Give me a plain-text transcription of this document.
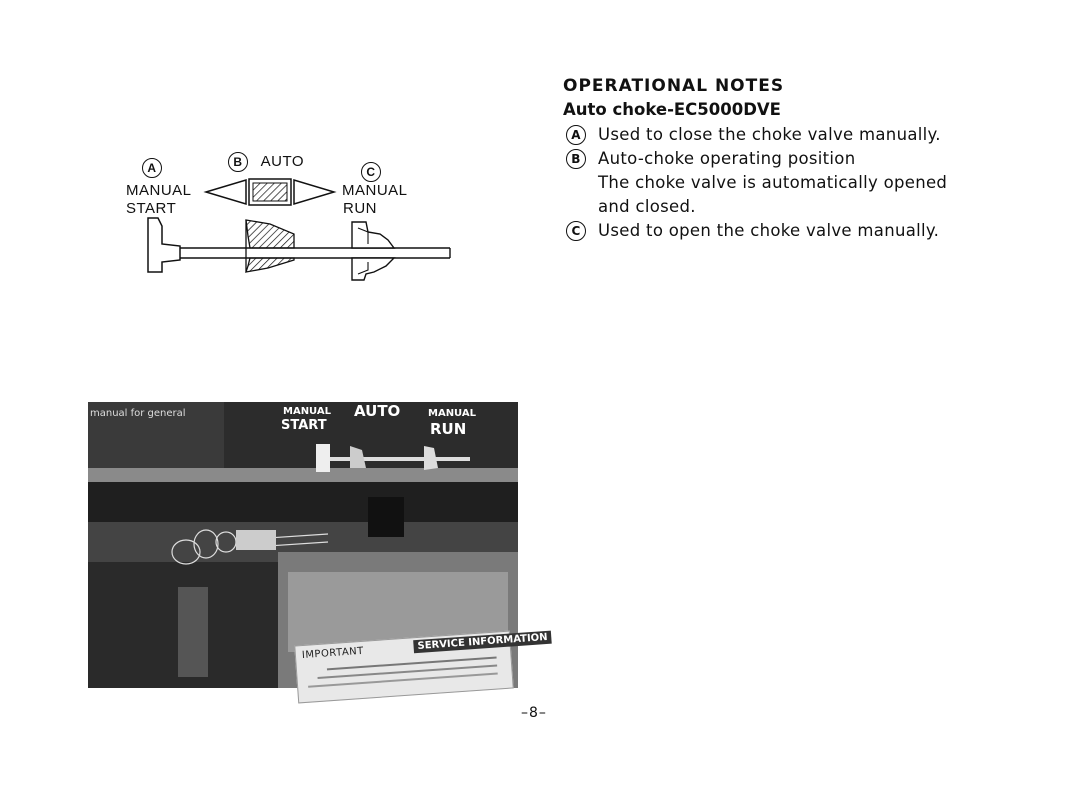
A	B AUTO
C
MANUAL
START
MANUAL
RUN
manual for general	MANUAL
START
AUTO	MANUAL
RUN
IMPORTANT
SERVICE INFORMATION
OPERATIONAL NOTES
Auto choke-EC5000DVE
A	Used to close the choke valve manually.
B	Auto-choke operating position
The choke valve is automatically opened and closed.
C	Used to open the choke valve manually.
–8–
